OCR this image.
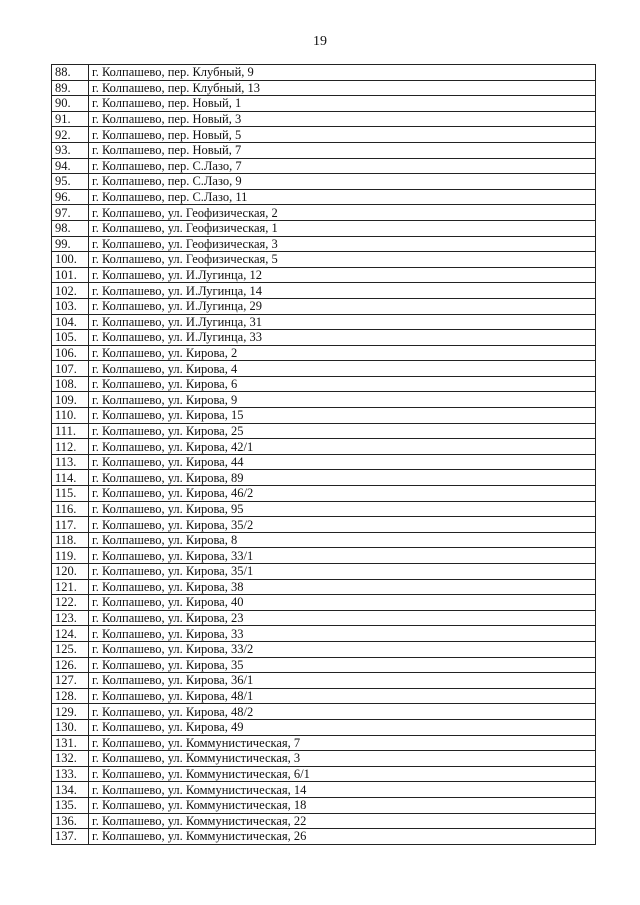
19
88.	г. Колпашево, пер. Клубный, 9
89.	г. Колпашево, пер. Клубный, 13
90.	г. Колпашево, пер. Новый, 1
91.	г. Колпашево, пер. Новый, 3
92.	г. Колпашево, пер. Новый, 5
93.	г. Колпашево, пер. Новый, 7
94.	г. Колпашево, пер. С.Лазо, 7
95.	г. Колпашево, пер. С.Лазо, 9
96.	г. Колпашево, пер. С.Лазо, 11
97.	г. Колпашево, ул. Геофизическая, 2
98.	г. Колпашево, ул. Геофизическая, 1
99.	г. Колпашево, ул. Геофизическая, 3
100.	г. Колпашево, ул. Геофизическая, 5
101.	г. Колпашево, ул. И.Лугинца, 12
102.	г. Колпашево, ул. И.Лугинца, 14
103.	г. Колпашево, ул. И.Лугинца, 29
104.	г. Колпашево, ул. И.Лугинца, 31
105.	г. Колпашево, ул. И.Лугинца, 33
106.	г. Колпашево, ул. Кирова, 2
107.	г. Колпашево, ул. Кирова, 4
108.	г. Колпашево, ул. Кирова, 6
109.	г. Колпашево, ул. Кирова, 9
110.	г. Колпашево, ул. Кирова, 15
111.	г. Колпашево, ул. Кирова, 25
112.	г. Колпашево, ул. Кирова, 42/1
113.	г. Колпашево, ул. Кирова, 44
114.	г. Колпашево, ул. Кирова, 89
115.	г. Колпашево, ул. Кирова, 46/2
116.	г. Колпашево, ул. Кирова, 95
117.	г. Колпашево, ул. Кирова, 35/2
118.	г. Колпашево, ул. Кирова, 8
119.	г. Колпашево, ул. Кирова, 33/1
120.	г. Колпашево, ул. Кирова, 35/1
121.	г. Колпашево, ул. Кирова, 38
122.	г. Колпашево, ул. Кирова, 40
123.	г. Колпашево, ул. Кирова, 23
124.	г. Колпашево, ул. Кирова, 33
125.	г. Колпашево, ул. Кирова, 33/2
126.	г. Колпашево, ул. Кирова, 35
127.	г. Колпашево, ул. Кирова, 36/1
128.	г. Колпашево, ул. Кирова, 48/1
129.	г. Колпашево, ул. Кирова, 48/2
130.	г. Колпашево, ул. Кирова, 49
131.	г. Колпашево, ул. Коммунистическая, 7
132.	г. Колпашево, ул. Коммунистическая, 3
133.	г. Колпашево, ул. Коммунистическая, 6/1
134.	г. Колпашево, ул. Коммунистическая, 14
135.	г. Колпашево, ул. Коммунистическая, 18
136.	г. Колпашево, ул. Коммунистическая, 22
137.	г. Колпашево, ул. Коммунистическая, 26
